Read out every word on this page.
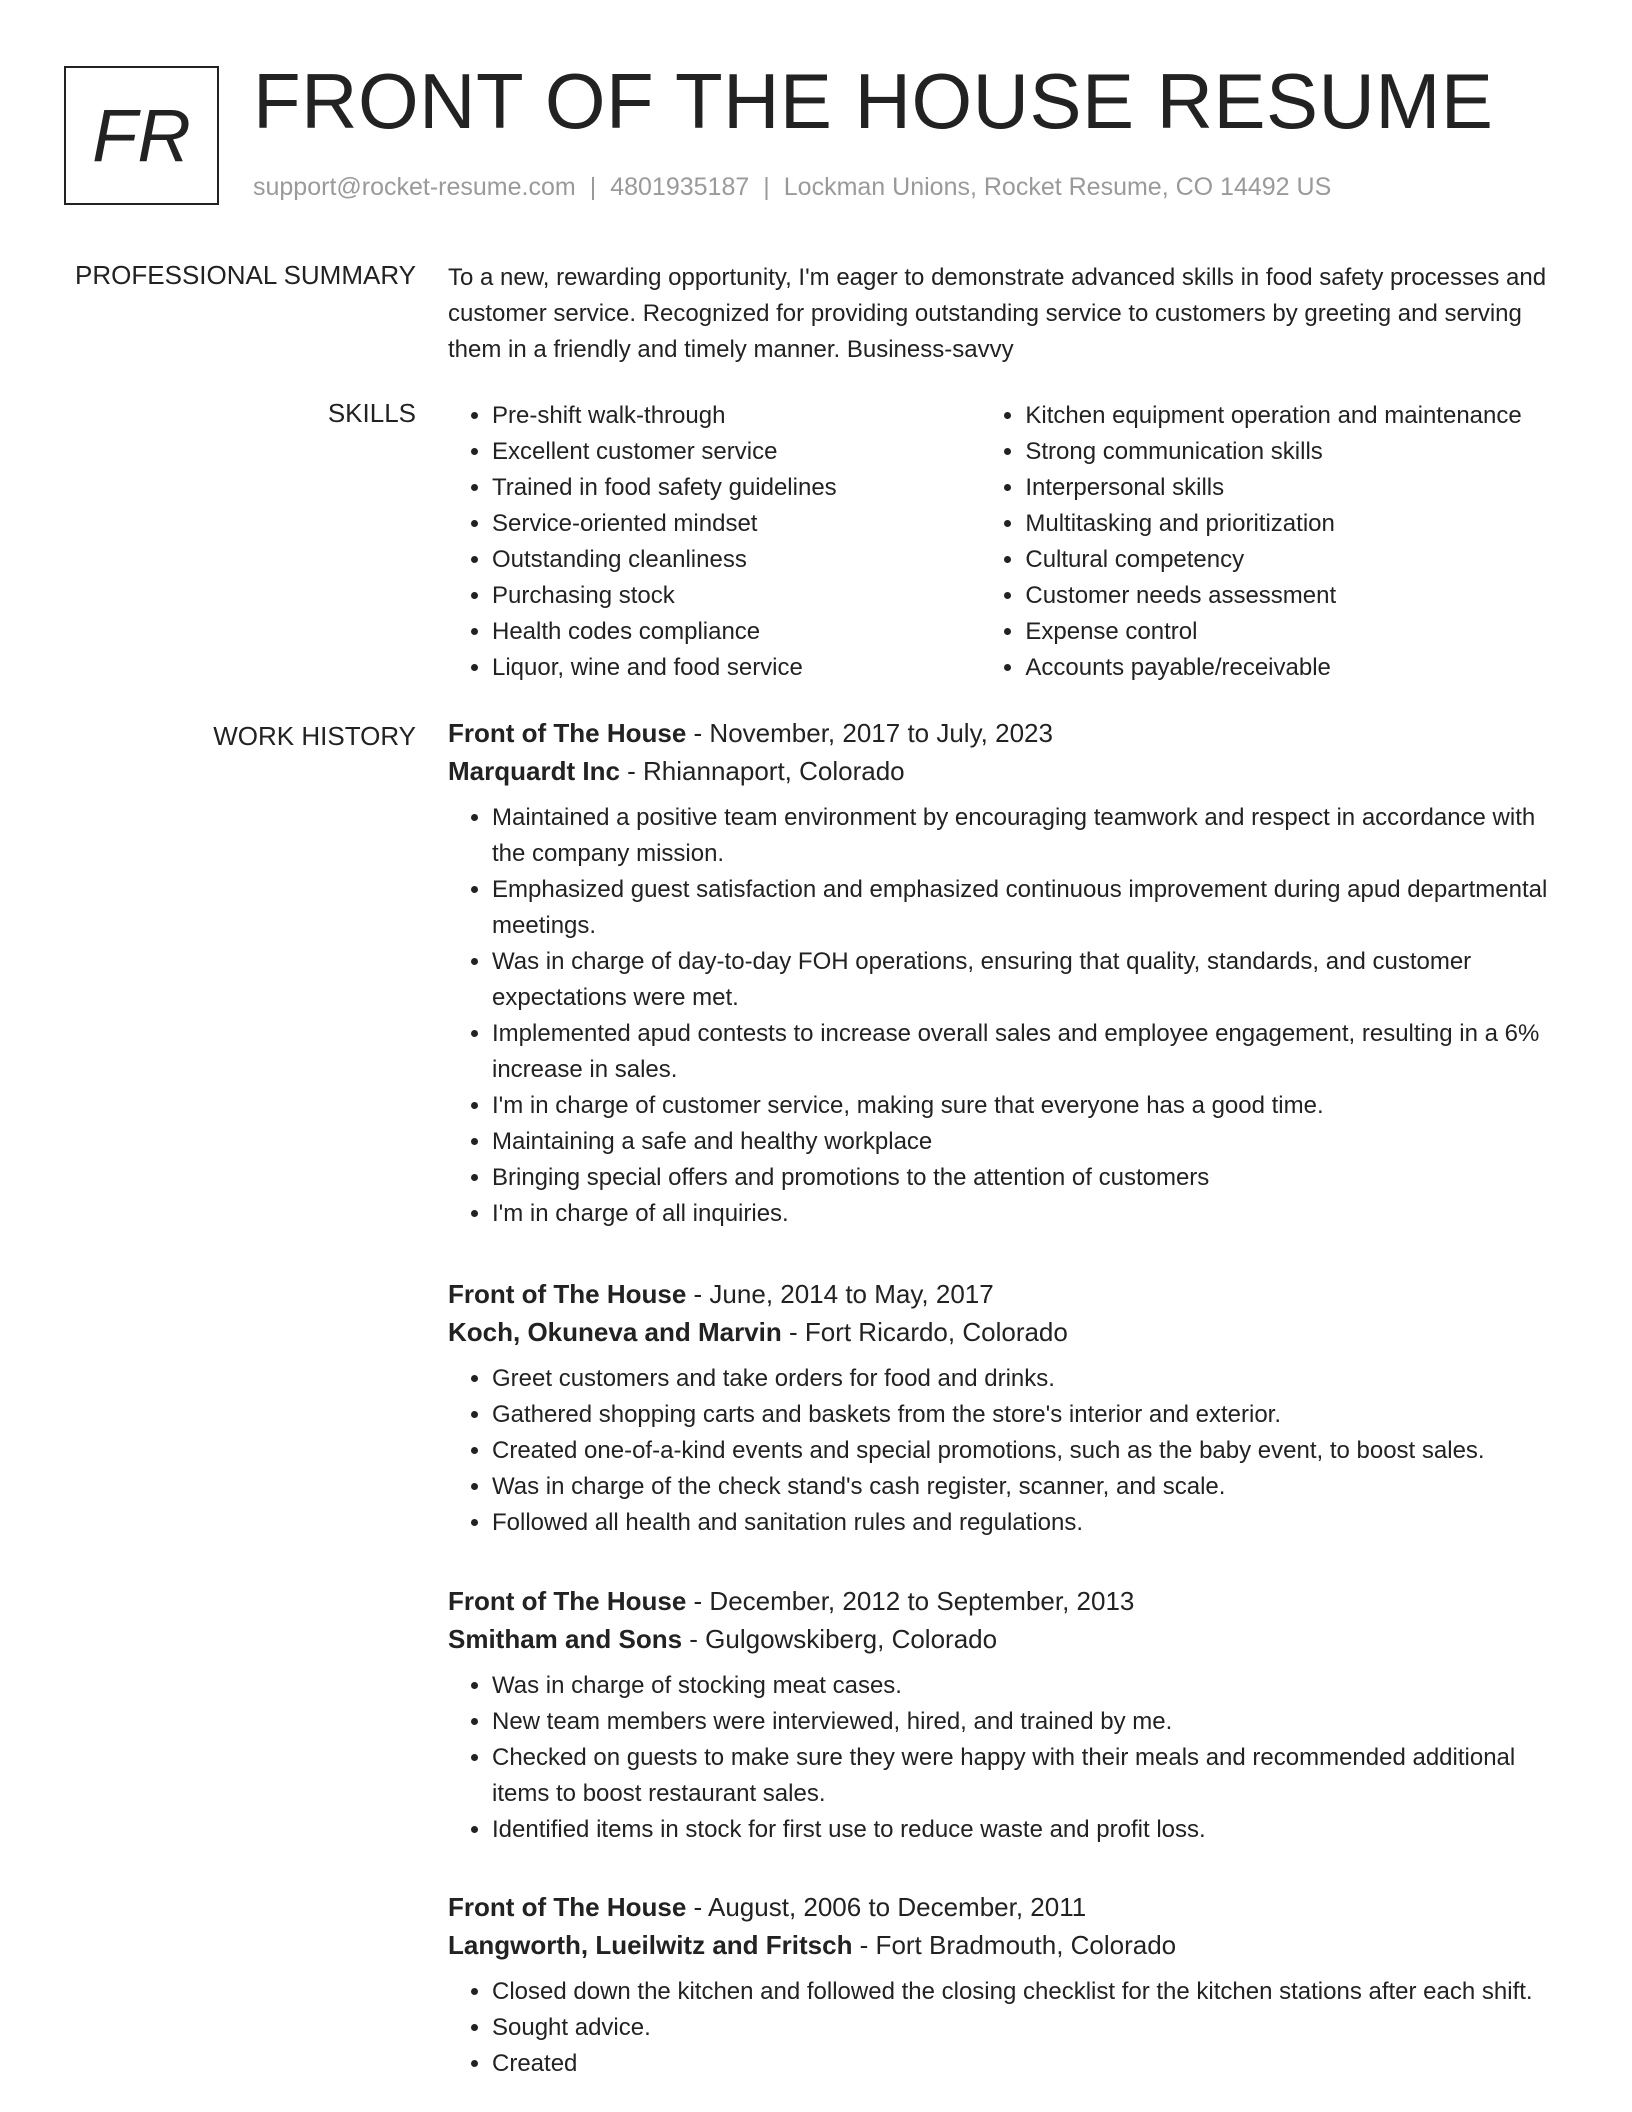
FR FRONT OF THE HOUSE RESUME
support@rocket-resume.com | 4801935187 | Lockman Unions, Rocket Resume, CO 14492 US
PROFESSIONAL SUMMARY To a new, rewarding opportunity, I'm eager to demonstrate advanced skills in food safety processes and customer service. Recognized for providing outstanding service to customers by greeting and serving them in a friendly and timely manner. Business-savvy
SKILLS
•	Pre-shift walk-through
• Excellent customer service
• Trained in food safety guidelines
• Service-oriented mindset
• Outstanding cleanliness
• Purchasing stock
• Health codes compliance
• Liquor, wine and food service
• Kitchen equipment operation and maintenance
• Strong communication skills
• Interpersonal skills
• Multitasking and prioritization
• Cultural competency
• Customer needs assessment
• Expense control
• Accounts payable/receivable
WORK HISTORY Front of The House - November, 2017 to July, 2023
Marquardt Inc - Rhiannaport, Colorado
• Maintained a positive team environment by encouraging teamwork and respect in accordance with the company mission.
• Emphasized guest satisfaction and emphasized continuous improvement during apud departmental meetings.
• Was in charge of day-to-day FOH operations, ensuring that quality, standards, and customer expectations were met.
• Implemented apud contests to increase overall sales and employee engagement, resulting in a 6% increase in sales.
• I'm in charge of customer service, making sure that everyone has a good time.
• Maintaining a safe and healthy workplace
• Bringing special offers and promotions to the attention of customers
• I'm in charge of all inquiries.
Front of The House - June, 2014 to May, 2017
Koch, Okuneva and Marvin - Fort Ricardo, Colorado
• Greet customers and take orders for food and drinks.
• Gathered shopping carts and baskets from the store's interior and exterior.
• Created one-of-a-kind events and special promotions, such as the baby event, to boost sales.
• Was in charge of the check stand's cash register, scanner, and scale.
• Followed all health and sanitation rules and regulations.
Front of The House - December, 2012 to September, 2013
Smitham and Sons - Gulgowskiberg, Colorado
• Was in charge of stocking meat cases.
• New team members were interviewed, hired, and trained by me.
• Checked on guests to make sure they were happy with their meals and recommended additional items to boost restaurant sales.
• Identified items in stock for first use to reduce waste and profit loss.
Front of The House - August, 2006 to December, 2011
Langworth, Lueilwitz and Fritsch - Fort Bradmouth, Colorado
• Closed down the kitchen and followed the closing checklist for the kitchen stations after each shift.
• Sought advice.
• Created
